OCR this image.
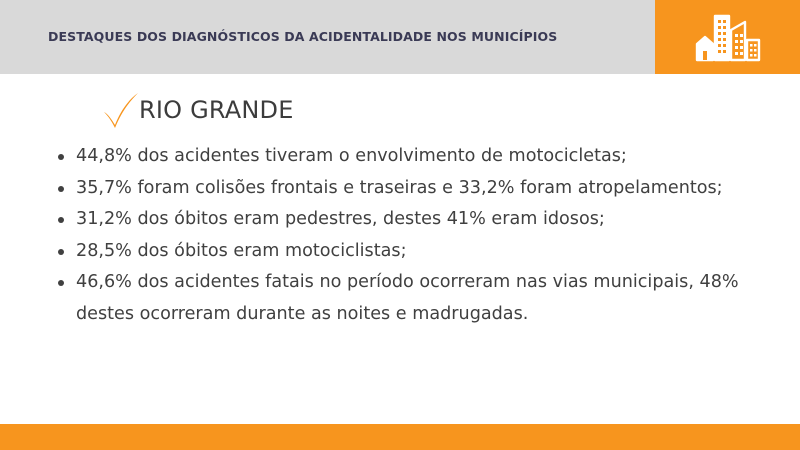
DESTAQUES DOS DIAGNÓSTICOS DA ACIDENTALIDADE NOS MUNICÍPIOS
RIO GRANDE
44,8% dos acidentes tiveram o envolvimento de motocicletas;
35,7% foram colisões frontais e traseiras e 33,2% foram atropelamentos;
31,2% dos óbitos eram pedestres, destes 41% eram idosos;
28,5% dos óbitos eram motociclistas;
46,6% dos acidentes fatais no período ocorreram nas vias municipais, 48% destes ocorreram durante as noites e madrugadas.
